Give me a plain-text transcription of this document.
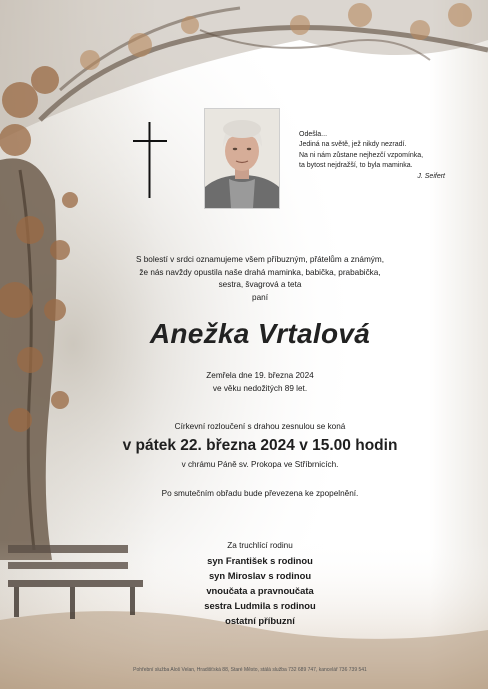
Odešla...
Jediná na světě, jež nikdy nezradí.
Na ni nám zůstane nejhezčí vzpomínka,
ta bytost nejdražší, to byla maminka.
J. Seifert
S bolestí v srdci oznamujeme všem příbuzným, přátelům a známým,
že nás navždy opustila naše drahá maminka, babička, prababička,
sestra, švagrová a teta
paní
Anežka Vrtalová
Zemřela dne 19. března 2024
ve věku nedožitých 89 let.
Církevní rozloučení s drahou zesnulou se koná
v pátek 22. března 2024 v 15.00 hodin
v chrámu Páně sv. Prokopa ve Stříbrnicích.
Po smutečním obřadu bude převezena ke zpopelnění.
Za truchlící rodinu
syn František s rodinou
syn Miroslav s rodinou
vnoučata a pravnoučata
sestra Ludmila s rodinou
ostatní příbuzní
Pohřební služba Aloš Velan, Hradišťská 88, Staré Město, stálá služba 732 689 747, kancelář 736 739 541
